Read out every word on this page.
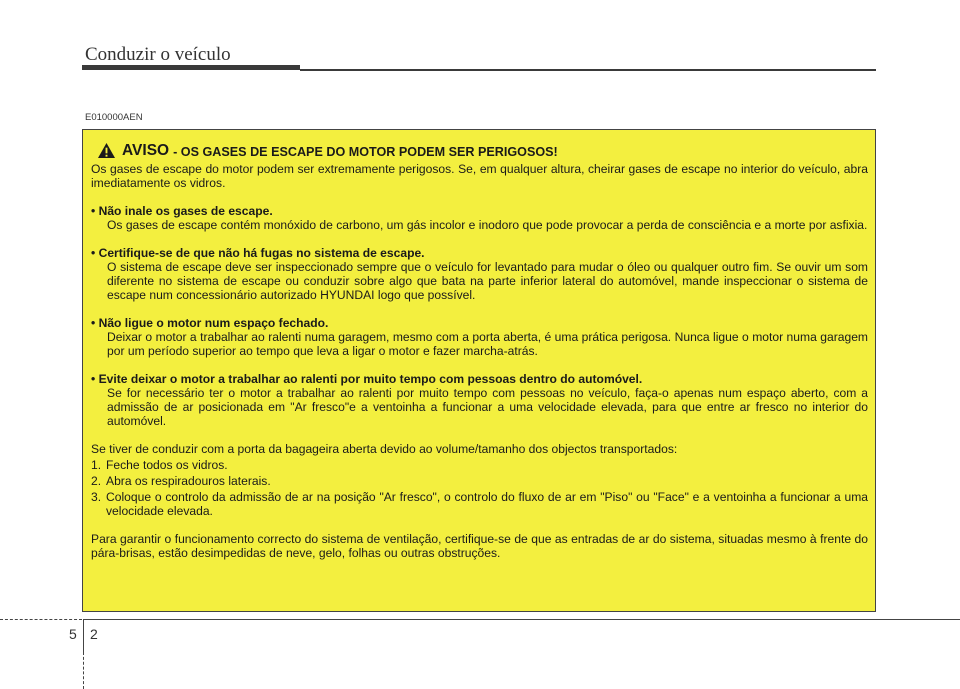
Conduzir o veículo
E010000AEN
AVISO - OS GASES DE ESCAPE DO MOTOR PODEM SER PERIGOSOS!

Os gases de escape do motor podem ser extremamente perigosos. Se, em qualquer altura, cheirar gases de escape no interior do veículo, abra imediatamente os vidros.

• Não inale os gases de escape.
Os gases de escape contém monóxido de carbono, um gás incolor e inodoro que pode provocar a perda de consciência e a morte por asfixia.
• Certifique-se de que não há fugas no sistema de escape.
O sistema de escape deve ser inspeccionado sempre que o veículo for levantado para mudar o óleo ou qualquer outro fim. Se ouvir um som diferente no sistema de escape ou conduzir sobre algo que bata na parte inferior lateral do automóvel, mande inspeccionar o sistema de escape num concessionário autorizado HYUNDAI logo que possível.
• Não ligue o motor num espaço fechado.
Deixar o motor a trabalhar ao ralenti numa garagem, mesmo com a porta aberta, é uma prática perigosa. Nunca ligue o motor numa garagem por um período superior ao tempo que leva a ligar o motor e fazer marcha-atrás.
• Evite deixar o motor a trabalhar ao ralenti por muito tempo com pessoas dentro do automóvel.
Se for necessário ter o motor a trabalhar ao ralenti por muito tempo com pessoas no veículo, faça-o apenas num espaço aberto, com a admissão de ar posicionada em "Ar fresco"e a ventoinha a funcionar a uma velocidade elevada, para que entre ar fresco no interior do automóvel.

Se tiver de conduzir com a porta da bagageira aberta devido ao volume/tamanho dos objectos transportados:

1. Feche todos os vidros.
2. Abra os respiradouros laterais.
3. Coloque o controlo da admissão de ar na posição "Ar fresco", o controlo do fluxo de ar em "Piso" ou "Face" e a ventoinha a funcionar a uma velocidade elevada.

Para garantir o funcionamento correcto do sistema de ventilação, certifique-se de que as entradas de ar do sistema, situadas mesmo à frente do pára-brisas, estão desimpedidas de neve, gelo, folhas ou outras obstruções.

5 2
